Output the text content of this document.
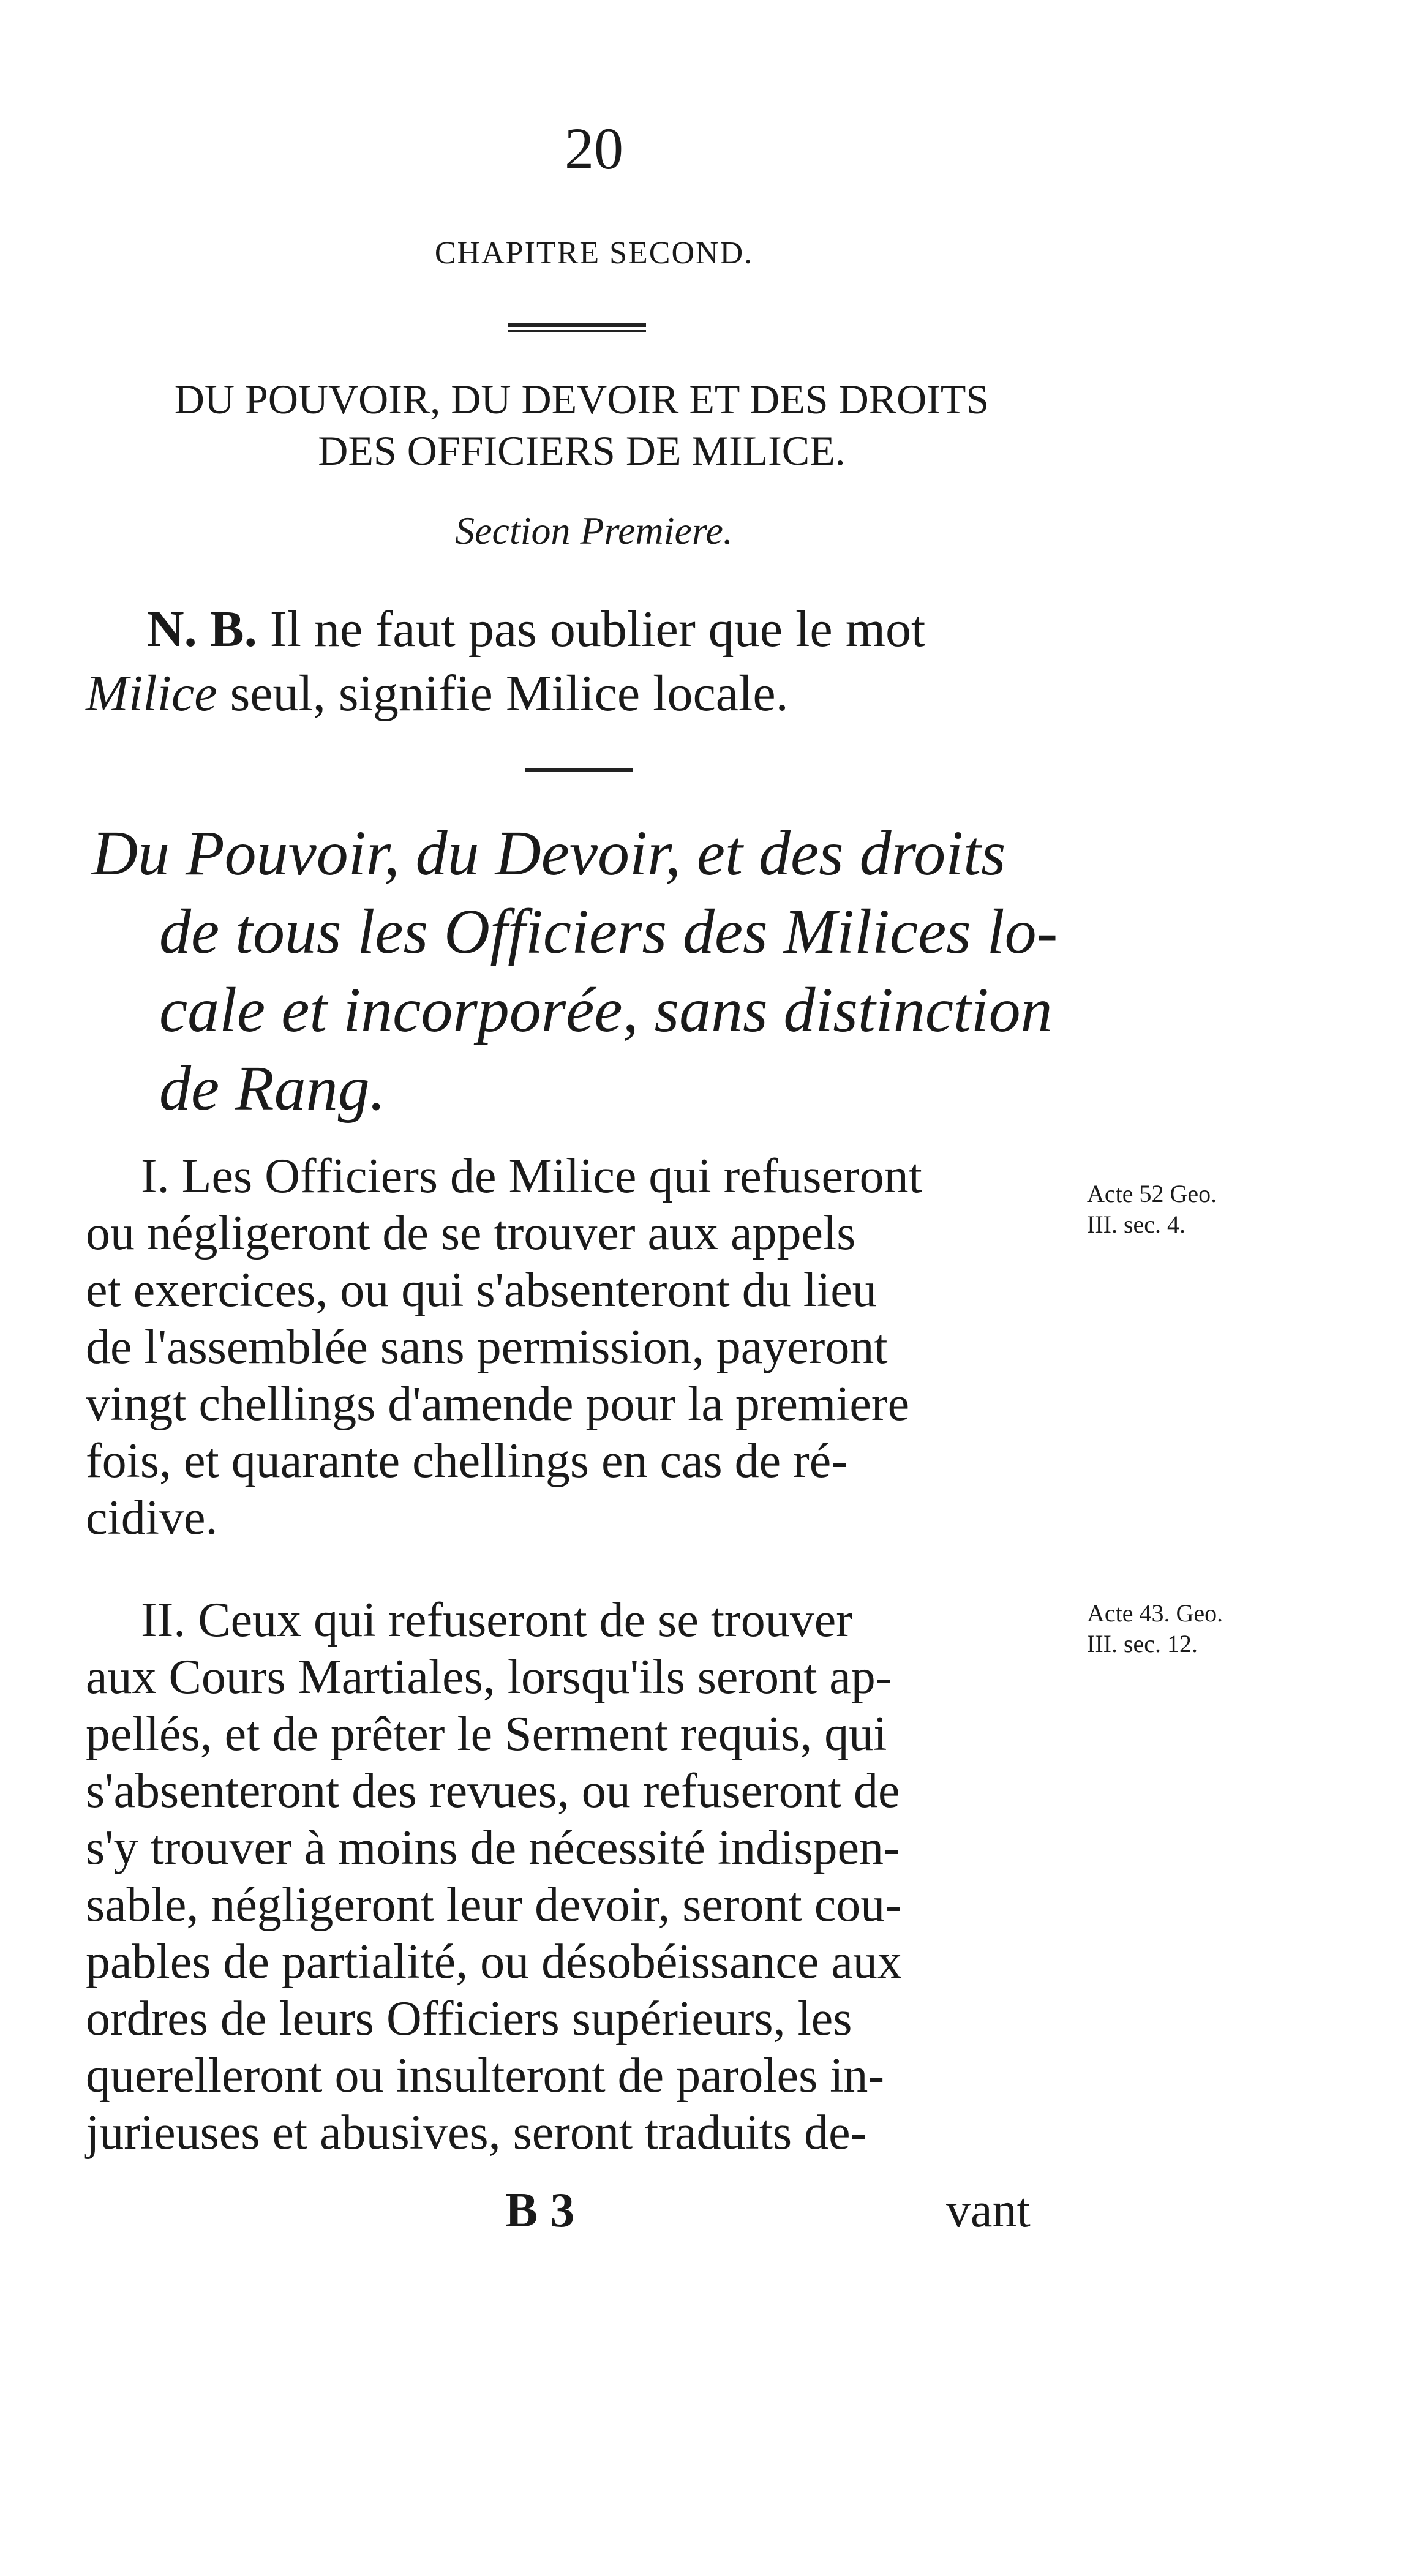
20

CHAPITRE SECOND.

DU POUVOIR, DU DEVOIR ET DES DROITS
DES OFFICIERS DE MILICE.

Section Premiere.

N. B. Il ne faut pas oublier que le mot
Milice seul, signifie Milice locale.

Du Pouvoir, du Devoir, et des droits
de tous les Officiers des Milices lo-
cale et incorporée, sans distinction
de Rang.
I. Les Officiers de Milice qui refuseront
ou négligeront de se trouver aux appels
et exercices, ou qui s'absenteront du lieu
de l'assemblée sans permission, payeront
vingt chellings d'amende pour la premiere
fois, et quarante chellings en cas de ré-
cidive.
Acte 52 Geo.
III. sec. 4.
II. Ceux qui refuseront de se trouver
aux Cours Martiales, lorsqu'ils seront ap-
pellés, et de prêter le Serment requis, qui
s'absenteront des revues, ou refuseront de
s'y trouver à moins de nécessité indispen-
sable, négligeront leur devoir, seront cou-
pables de partialité, ou désobéissance aux
ordres de leurs Officiers supérieurs, les
querelleront ou insulteront de paroles in-
jurieuses et abusives, seront traduits de-
Acte 43. Geo.
III. sec. 12.

B 3	vant
